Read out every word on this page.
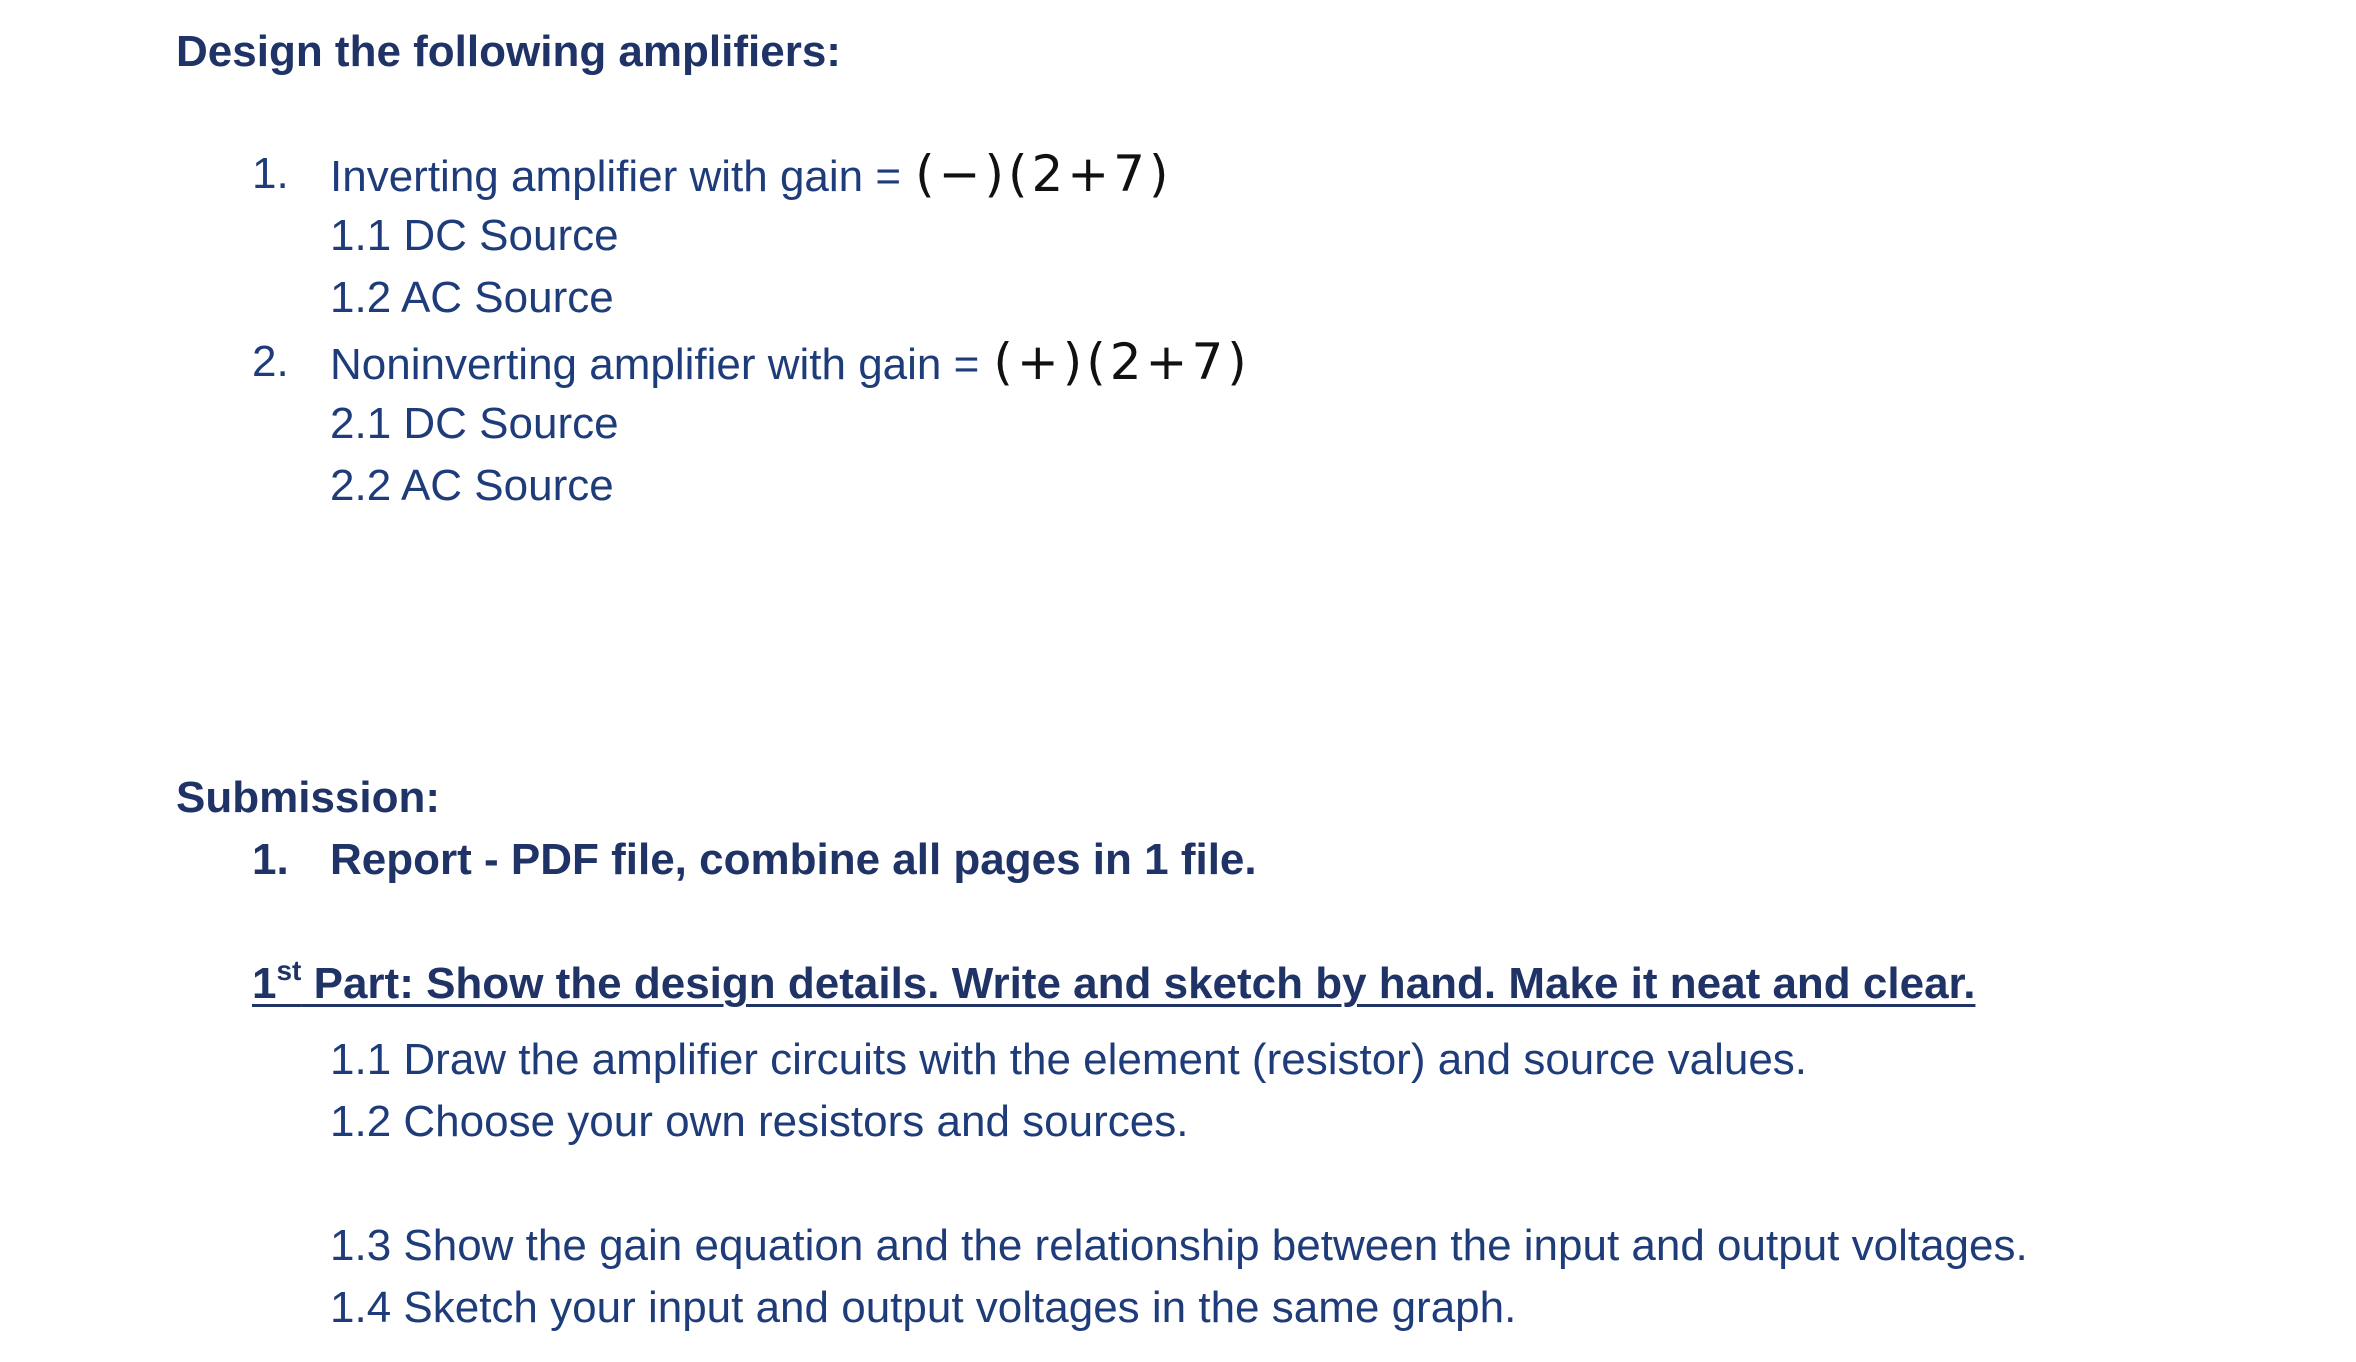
Design the following amplifiers:
1. Inverting amplifier with gain = (−)(2+7)
1.1 DC Source
1.2 AC Source
2. Noninverting amplifier with gain = (+)(2+7)
2.1 DC Source
2.2 AC Source
Submission:
1. Report - PDF file, combine all pages in 1 file.
1st Part: Show the design details. Write and sketch by hand. Make it neat and clear.
1.1 Draw the amplifier circuits with the element (resistor) and source values.
1.2 Choose your own resistors and sources.
1.3 Show the gain equation and the relationship between the input and output voltages.
1.4 Sketch your input and output voltages in the same graph.
